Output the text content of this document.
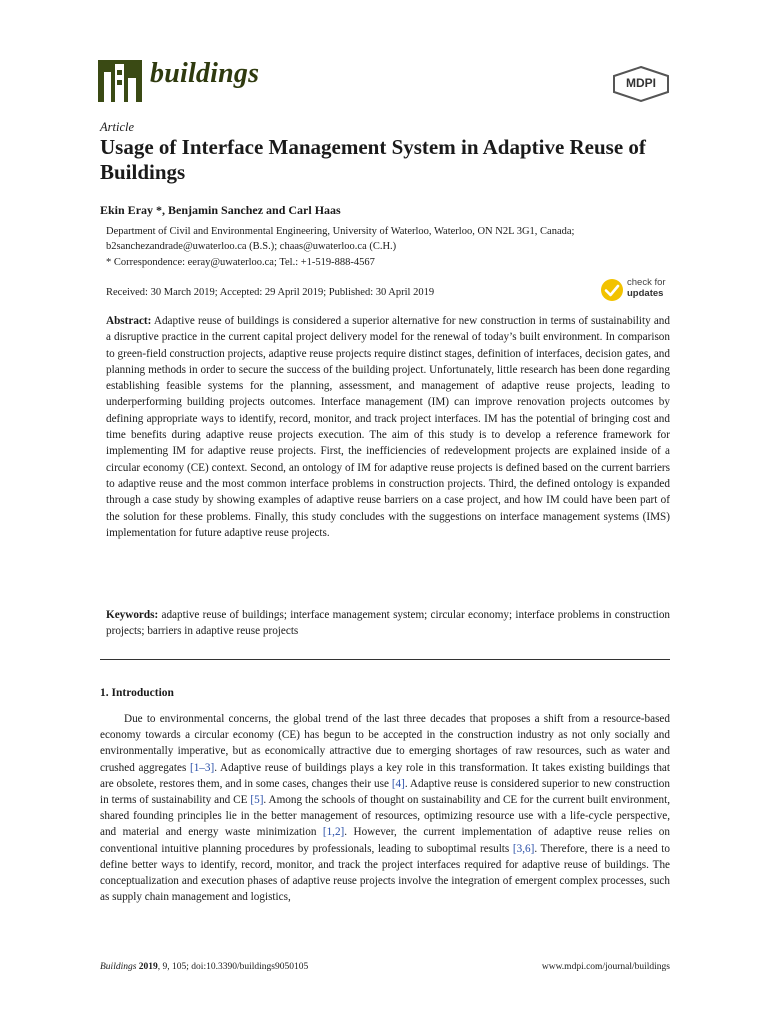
buildings	MDPI
Article
Usage of Interface Management System in Adaptive Reuse of Buildings
Ekin Eray *, Benjamin Sanchez and Carl Haas
Department of Civil and Environmental Engineering, University of Waterloo, Waterloo, ON N2L 3G1, Canada;
b2sanchezandrade@uwaterloo.ca (B.S.); chaas@uwaterloo.ca (C.H.)
* Correspondence: eeray@uwaterloo.ca; Tel.: +1-519-888-4567
Received: 30 March 2019; Accepted: 29 April 2019; Published: 30 April 2019
check for
updates
Abstract: Adaptive reuse of buildings is considered a superior alternative for new construction in terms of sustainability and a disruptive practice in the current capital project delivery model for the renewal of today’s built environment. In comparison to green-field construction projects, adaptive reuse projects require distinct stages, definition of interfaces, decision gates, and planning methods in order to secure the success of the building project. Unfortunately, little research has been done regarding establishing feasible systems for the planning, assessment, and management of adaptive reuse projects, leading to underperforming building projects outcomes. Interface management (IM) can improve renovation projects outcomes by defining appropriate ways to identify, record, monitor, and track project interfaces. IM has the potential of bringing cost and time benefits during adaptive reuse projects execution. The aim of this study is to develop a reference framework for implementing IM for adaptive reuse projects. First, the inefficiencies of redevelopment projects are explained inside of a circular economy (CE) context. Second, an ontology of IM for adaptive reuse projects is defined based on the current barriers to adaptive reuse and the most common interface problems in construction projects. Third, the defined ontology is expanded through a case study by showing examples of adaptive reuse barriers on a case project, and how IM could have been part of the solution for these problems. Finally, this study concludes with the suggestions on interface management systems (IMS) implementation for future adaptive reuse projects.
Keywords: adaptive reuse of buildings; interface management system; circular economy; interface problems in construction projects; barriers in adaptive reuse projects
1. Introduction
Due to environmental concerns, the global trend of the last three decades that proposes a shift from a resource-based economy towards a circular economy (CE) has begun to be accepted in the construction industry as not only socially and environmentally imperative, but as economically attractive due to emerging shortages of raw resources, such as water and crushed aggregates [1–3]. Adaptive reuse of buildings plays a key role in this transformation. It takes existing buildings that are obsolete, restores them, and in some cases, changes their use [4]. Adaptive reuse is considered superior to new construction in terms of sustainability and CE [5]. Among the schools of thought on sustainability and CE for the current built environment, shared founding principles lie in the better management of resources, optimizing resource use with a life-cycle perspective, and material and energy waste minimization [1,2]. However, the current implementation of adaptive reuse relies on conventional intuitive planning procedures by professionals, leading to suboptimal results [3,6]. Therefore, there is a need to define better ways to identify, record, monitor, and track the project interfaces required for adaptive reuse of buildings. The conceptualization and execution phases of adaptive reuse projects involve the integration of emergent complex processes, such as supply chain management and logistics,
Buildings 2019, 9, 105; doi:10.3390/buildings9050105	www.mdpi.com/journal/buildings
